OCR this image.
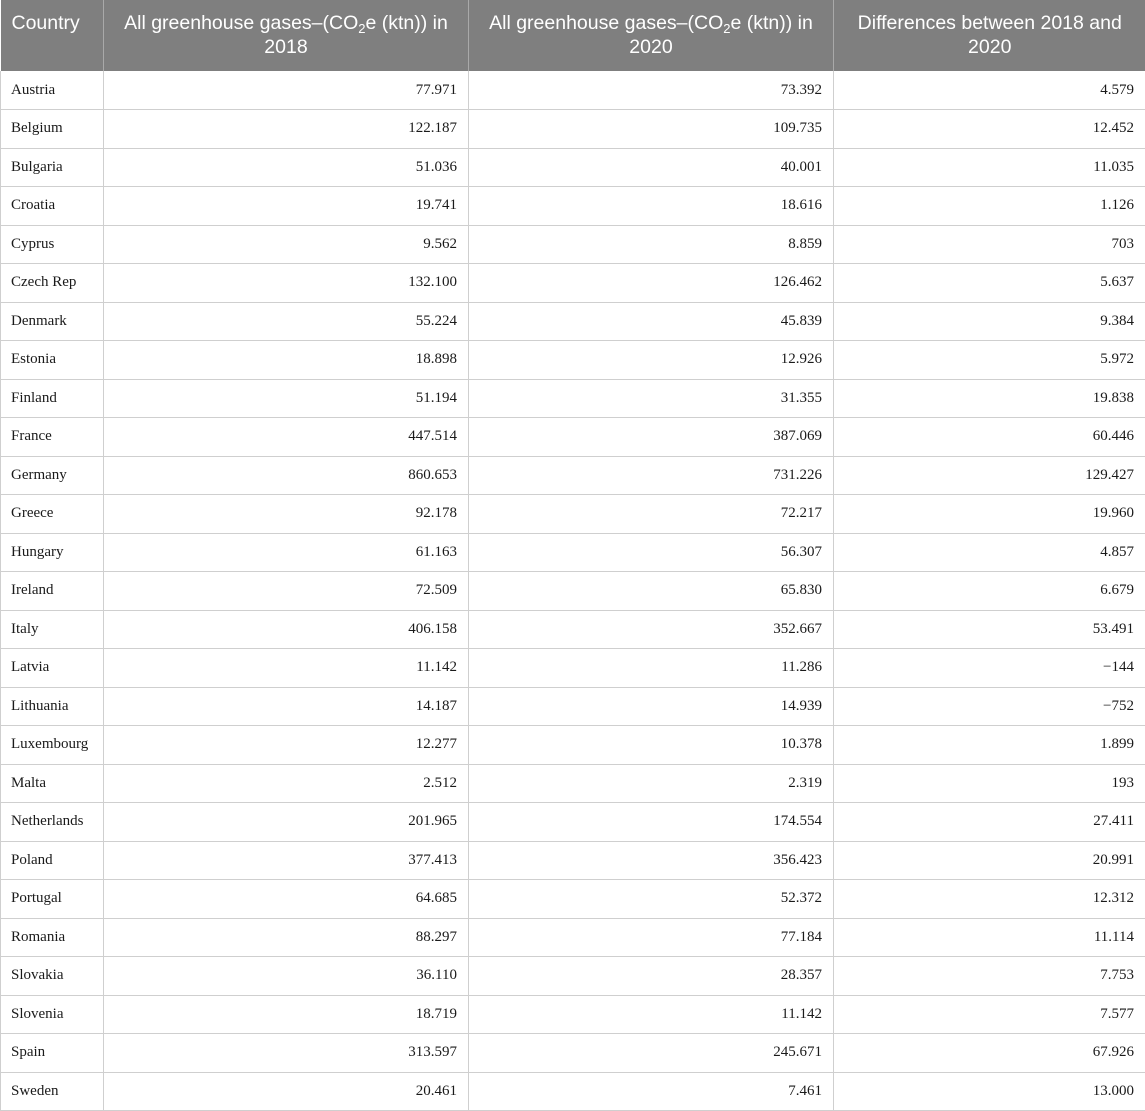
Country	All greenhouse gases–($CO_2e$ (ktn)) in 2018	All greenhouse gases–($CO_2e$ (ktn)) in 2020	Differences between 2018 and 2020
Austria	77.971	73.392	4.579
Belgium	122.187	109.735	12.452
Bulgaria	51.036	40.001	11.035
Croatia	19.741	18.616	1.126
Cyprus	9.562	8.859	703
Czech Rep	132.100	126.462	5.637
Denmark	55.224	45.839	9.384
Estonia	18.898	12.926	5.972
Finland	51.194	31.355	19.838
France	447.514	387.069	60.446
Germany	860.653	731.226	129.427
Greece	92.178	72.217	19.960
Hungary	61.163	56.307	4.857
Ireland	72.509	65.830	6.679
Italy	406.158	352.667	53.491
Latvia	11.142	11.286	−144
Lithuania	14.187	14.939	−752
Luxembourg	12.277	10.378	1.899
Malta	2.512	2.319	193
Netherlands	201.965	174.554	27.411
Poland	377.413	356.423	20.991
Portugal	64.685	52.372	12.312
Romania	88.297	77.184	11.114
Slovakia	36.110	28.357	7.753
Slovenia	18.719	11.142	7.577
Spain	313.597	245.671	67.926
Sweden	20.461	7.461	13.000
